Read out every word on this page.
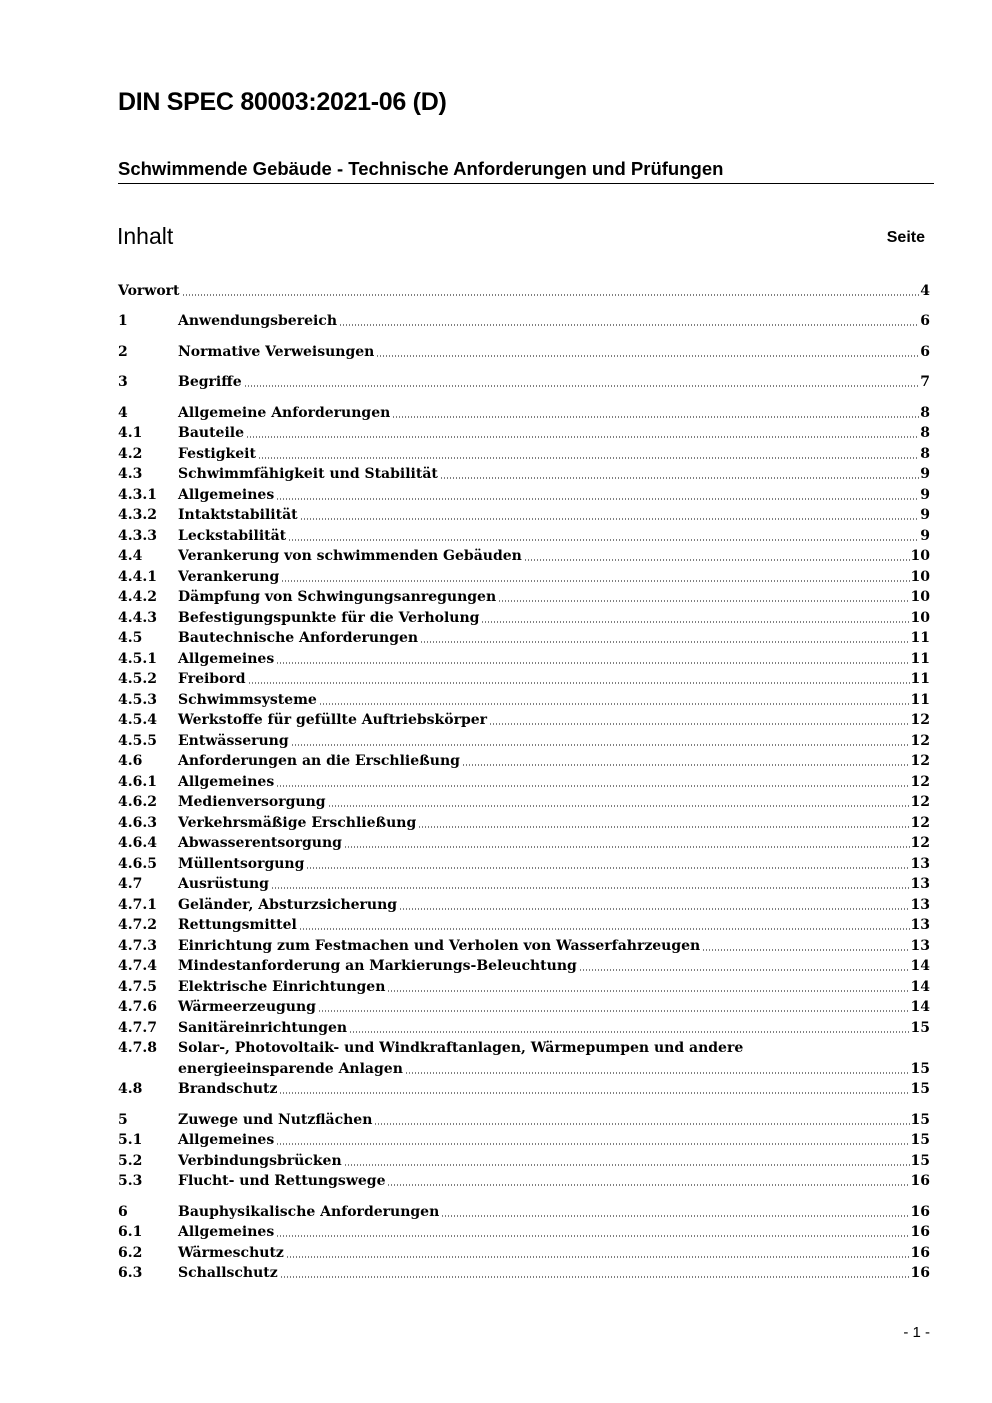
DIN SPEC 80003:2021-06 (D)
Schwimmende Gebäude - Technische Anforderungen und Prüfungen
Inhalt	Seite
Vorwort	4
1	Anwendungsbereich	6
2	Normative Verweisungen	6
3	Begriffe	7
4	Allgemeine Anforderungen	8
4.1	Bauteile	8
4.2	Festigkeit	8
4.3	Schwimmfähigkeit und Stabilität	9
4.3.1	Allgemeines	9
4.3.2	Intaktstabilität	9
4.3.3	Leckstabilität	9
4.4	Verankerung von schwimmenden Gebäuden	10
4.4.1	Verankerung	10
4.4.2	Dämpfung von Schwingungsanregungen	10
4.4.3	Befestigungspunkte für die Verholung	10
4.5	Bautechnische Anforderungen	11
4.5.1	Allgemeines	11
4.5.2	Freibord	11
4.5.3	Schwimmsysteme	11
4.5.4	Werkstoffe für gefüllte Auftriebskörper	12
4.5.5	Entwässerung	12
4.6	Anforderungen an die Erschließung	12
4.6.1	Allgemeines	12
4.6.2	Medienversorgung	12
4.6.3	Verkehrsmäßige Erschließung	12
4.6.4	Abwasserentsorgung	12
4.6.5	Müllentsorgung	13
4.7	Ausrüstung	13
4.7.1	Geländer, Absturzsicherung	13
4.7.2	Rettungsmittel	13
4.7.3	Einrichtung zum Festmachen und Verholen von Wasserfahrzeugen	13
4.7.4	Mindestanforderung an Markierungs-Beleuchtung	14
4.7.5	Elektrische Einrichtungen	14
4.7.6	Wärmeerzeugung	14
4.7.7	Sanitäreinrichtungen	15
4.7.8	Solar-, Photovoltaik- und Windkraftanlagen, Wärmepumpen und andere
energieeinsparende Anlagen	15
4.8	Brandschutz	15
5	Zuwege und Nutzflächen	15
5.1	Allgemeines	15
5.2	Verbindungsbrücken	15
5.3	Flucht- und Rettungswege	16
6	Bauphysikalische Anforderungen	16
6.1	Allgemeines	16
6.2	Wärmeschutz	16
6.3	Schallschutz	16
- 1 -
